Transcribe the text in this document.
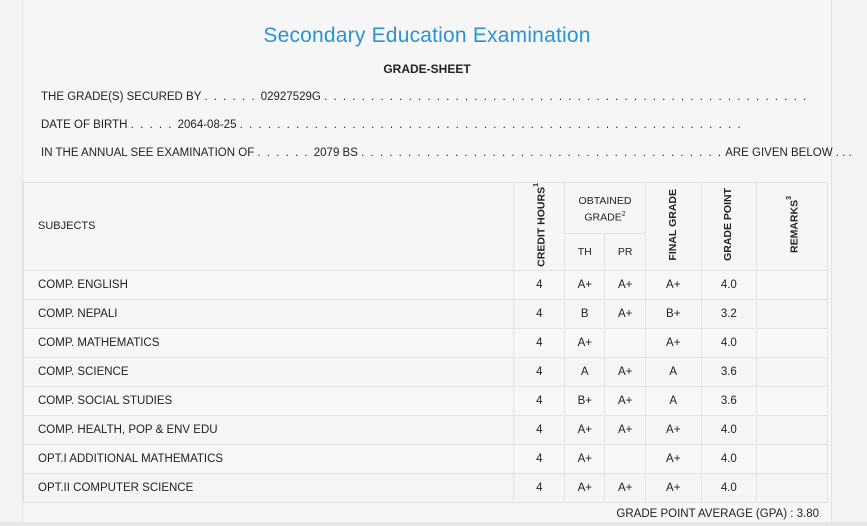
Secondary Education Examination
GRADE-SHEET
THE GRADE(S) SECURED BY . . . . . . 02927529G . . . . . . . . . . . . . . . . . . . . . . . . . . . . . . . . . . . . . . . . . . . . . . . . . . . .
DATE OF BIRTH . . . . . 2064-08-25 . . . . . . . . . . . . . . . . . . . . . . . . . . . . . . . . . . . . . . . . . . . . . . . . . . . . . .
IN THE ANNUAL SEE EXAMINATION OF . . . . . . 2079 BS . . . . . . . . . . . . . . . . . . . . . . . . . . . . . . . . . . . . . . . ARE GIVEN BELOW . . .
SUBJECTS	CREDIT HOURS$^1$	OBTAINED GRADE$^2$		FINAL GRADE	GRADE POINT	REMARKS$^3$
		TH	PR			
COMP. ENGLISH	4	A+	A+	A+	4.0	
COMP. NEPALI	4	B	A+	B+	3.2	
COMP. MATHEMATICS	4	A+		A+	4.0	
COMP. SCIENCE	4	A	A+	A	3.6	
COMP. SOCIAL STUDIES	4	B+	A+	A	3.6	
COMP. HEALTH, POP & ENV EDU	4	A+	A+	A+	4.0	
OPT.I ADDITIONAL MATHEMATICS	4	A+		A+	4.0	
OPT.II COMPUTER SCIENCE	4	A+	A+	A+	4.0	
GRADE POINT AVERAGE (GPA) : 3.80
